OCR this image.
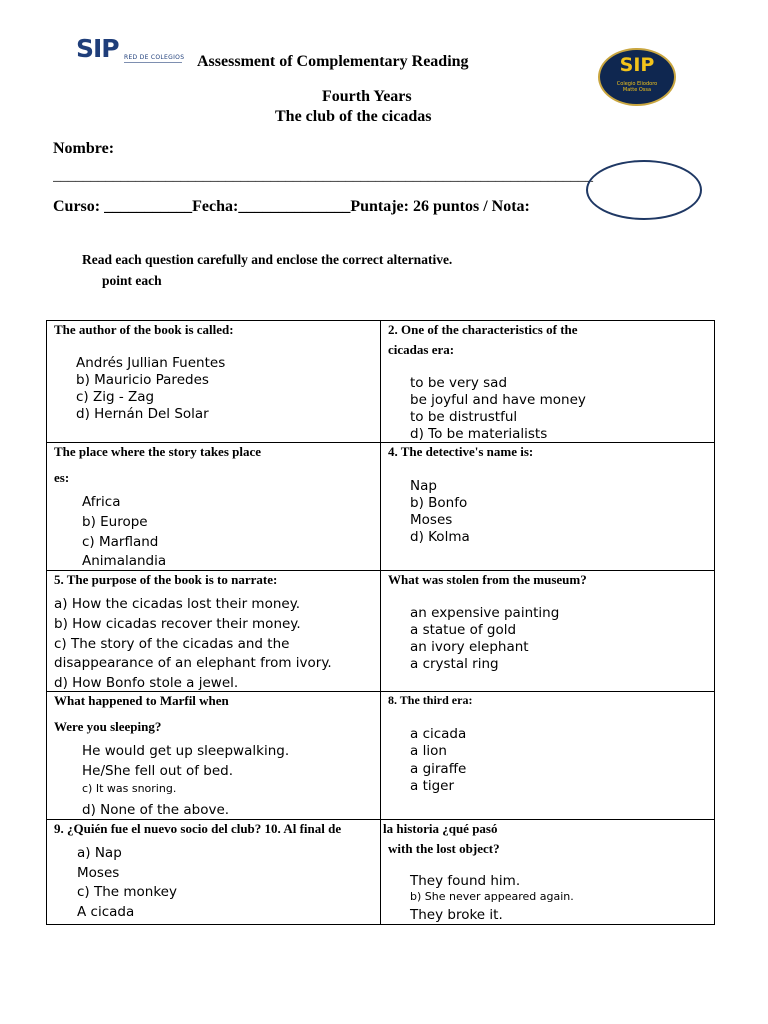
SIP RED DE COLEGIOS Assessment of Complementary Reading	SIP
Colegio Eliodoro
Matte Ossa
Fourth Years
The club of the cicadas
Nombre:
________________________________________________________________________
Curso: ___________Fecha:______________Puntaje: 26 puntos / Nota:
Read each question carefully and enclose the correct alternative.
point each
The author of the book is called:
Andrés Jullian Fuentes
b) Mauricio Paredes
c) Zig - Zag
d) Hernán Del Solar
2. One of the characteristics of the
cicadas era:
to be very sad
be joyful and have money
to be distrustful
d) To be materialists
The place where the story takes place
es:
Africa
b) Europe
c) Marfland
Animalandia
4. The detective's name is:
Nap
b) Bonfo
Moses
d) Kolma
5. The purpose of the book is to narrate:
a) How the cicadas lost their money.
b) How cicadas recover their money.
c) The story of the cicadas and the
disappearance of an elephant from ivory.
d) How Bonfo stole a jewel.
What was stolen from the museum?
an expensive painting
a statue of gold
an ivory elephant
a crystal ring
What happened to Marfil when
Were you sleeping?
He would get up sleepwalking.
He/She fell out of bed.
c) It was snoring.
d) None of the above.
8. The third era:
a cicada
a lion
a giraffe
a tiger
9. ¿Quién fue el nuevo socio del club? 10. Al final de
a) Nap
Moses
c) The monkey
A cicada
la historia ¿qué pasó
with the lost object?
They found him.
b) She never appeared again.
They broke it.
